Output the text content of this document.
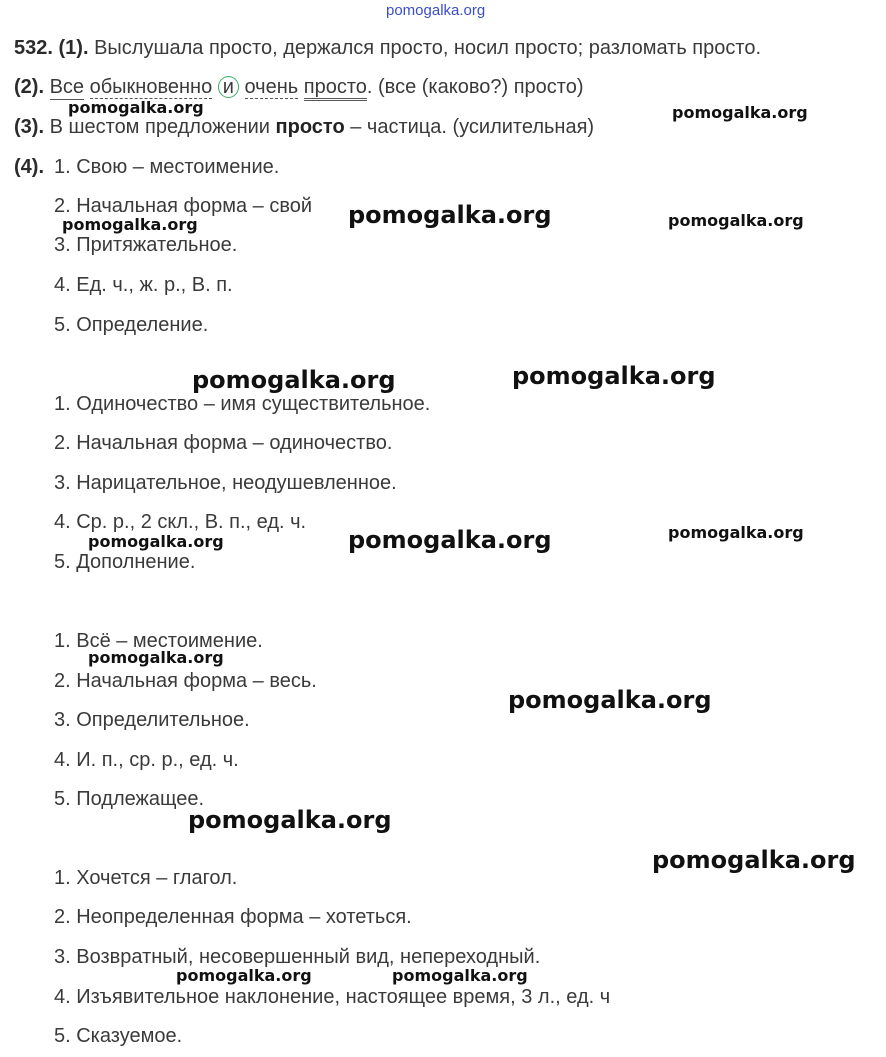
pomogalka.org
532. (1). Выслушала просто, держался просто, носил просто; разломать просто.
(2). Все обыкновенно и очень просто. (все (каково?) просто)
(3). В шестом предложении просто – частица. (усилительная)
(4). 1. Свою – местоимение.
2. Начальная форма – свой
3. Притяжательное.
4. Ед. ч., ж. р., В. п.
5. Определение.
1. Одиночество – имя существительное.
2. Начальная форма – одиночество.
3. Нарицательное, неодушевленное.
4. Ср. р., 2 скл., В. п., ед. ч.
5. Дополнение.
1. Всё – местоимение.
2. Начальная форма – весь.
3. Определительное.
4. И. п., ср. р., ед. ч.
5. Подлежащее.
1. Хочется – глагол.
2. Неопределенная форма – хотеться.
3. Возвратный, несовершенный вид, непереходный.
4. Изъявительное наклонение, настоящее время, 3 л., ед. ч
5. Сказуемое.
pomogalka.org	pomogalka.org
pomogalka.org	pomogalka.org
pomogalka.org
pomogalka.org	pomogalka.org
pomogalka.org
pomogalka.org	pomogalka.org
pomogalka.org
pomogalka.org
pomogalka.org
pomogalka.org
pomogalka.org	pomogalka.org
